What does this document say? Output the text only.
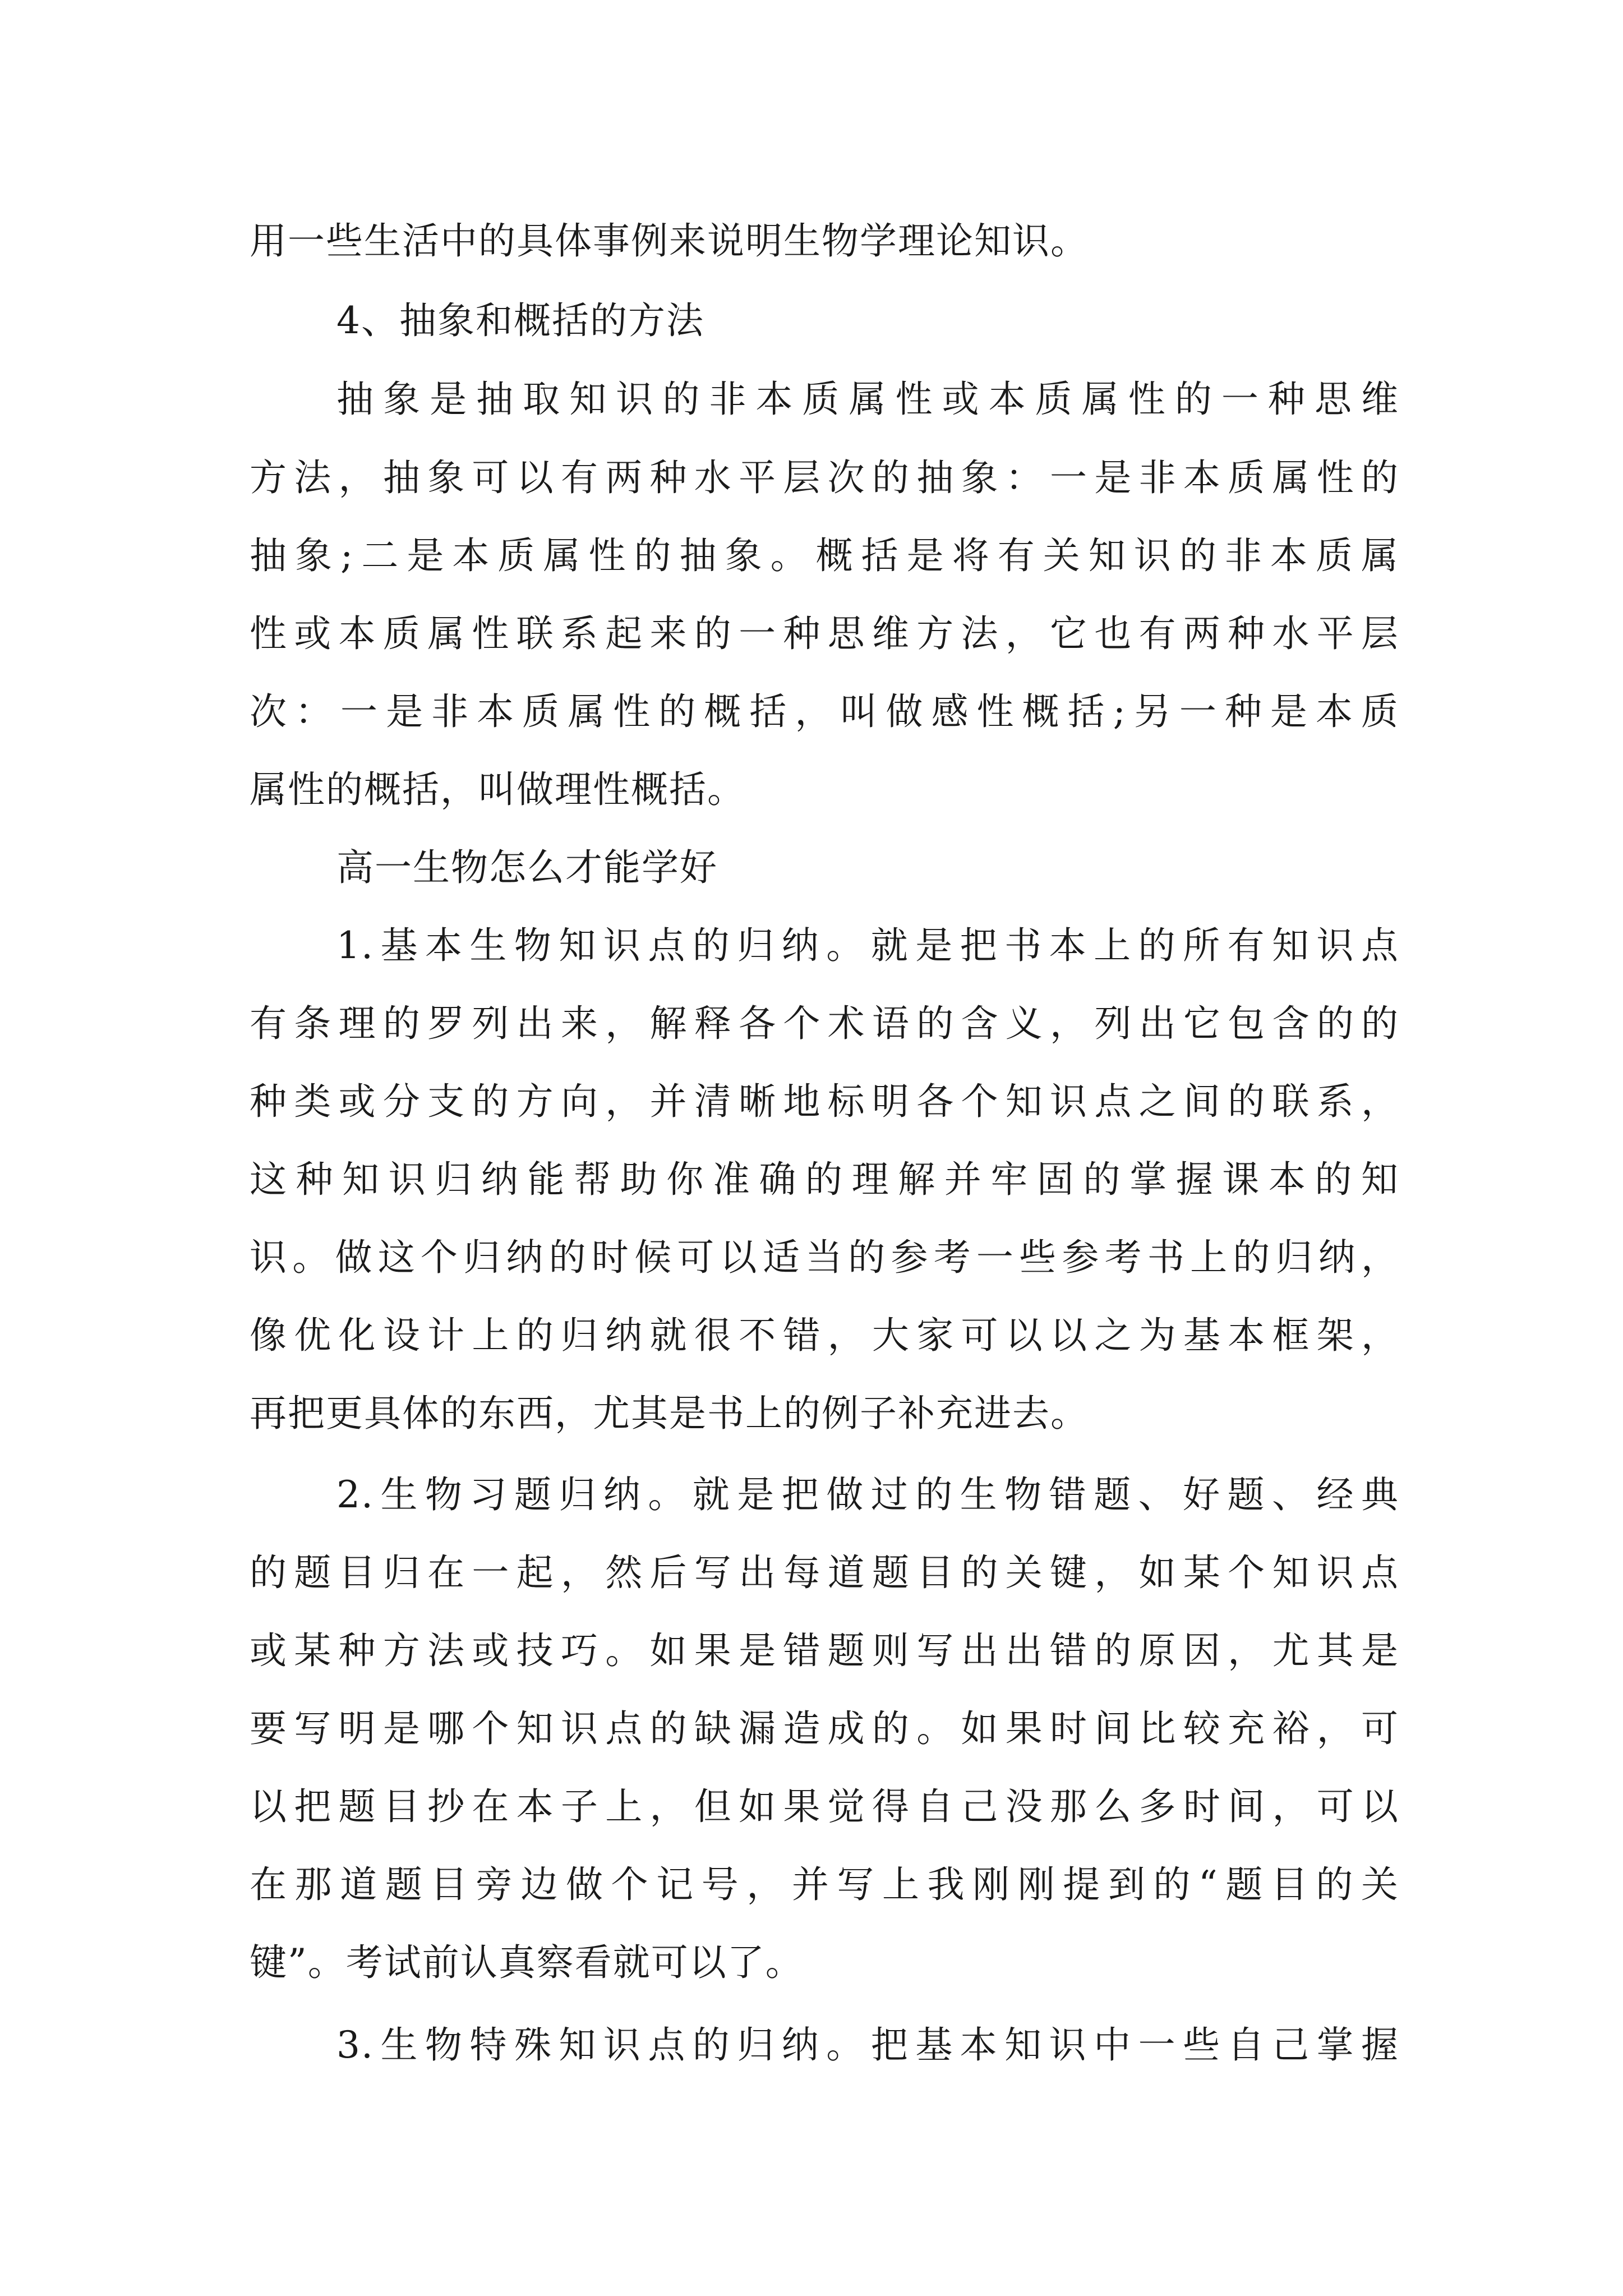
用一些生活中的具体事例来说明生物学理论知识。
4、抽象和概括的方法
抽象是抽取知识的非本质属性或本质属性的一种思维
方法，抽象可以有两种水平层次的抽象：一是非本质属性的
抽象;二是本质属性的抽象。概括是将有关知识的非本质属
性或本质属性联系起来的一种思维方法，它也有两种水平层
次：一是非本质属性的概括，叫做感性概括;另一种是本质
属性的概括，叫做理性概括。
高一生物怎么才能学好
1.基本生物知识点的归纳。就是把书本上的所有知识点
有条理的罗列出来，解释各个术语的含义，列出它包含的的
种类或分支的方向，并清晰地标明各个知识点之间的联系，
这种知识归纳能帮助你准确的理解并牢固的掌握课本的知
识。做这个归纳的时候可以适当的参考一些参考书上的归纳，
像优化设计上的归纳就很不错，大家可以以之为基本框架，
再把更具体的东西，尤其是书上的例子补充进去。
2.生物习题归纳。就是把做过的生物错题、好题、经典
的题目归在一起，然后写出每道题目的关键，如某个知识点
或某种方法或技巧。如果是错题则写出出错的原因，尤其是
要写明是哪个知识点的缺漏造成的。如果时间比较充裕，可
以把题目抄在本子上，但如果觉得自己没那么多时间，可以
在那道题目旁边做个记号，并写上我刚刚提到的“题目的关
键”。考试前认真察看就可以了。
3.生物特殊知识点的归纳。把基本知识中一些自己掌握
